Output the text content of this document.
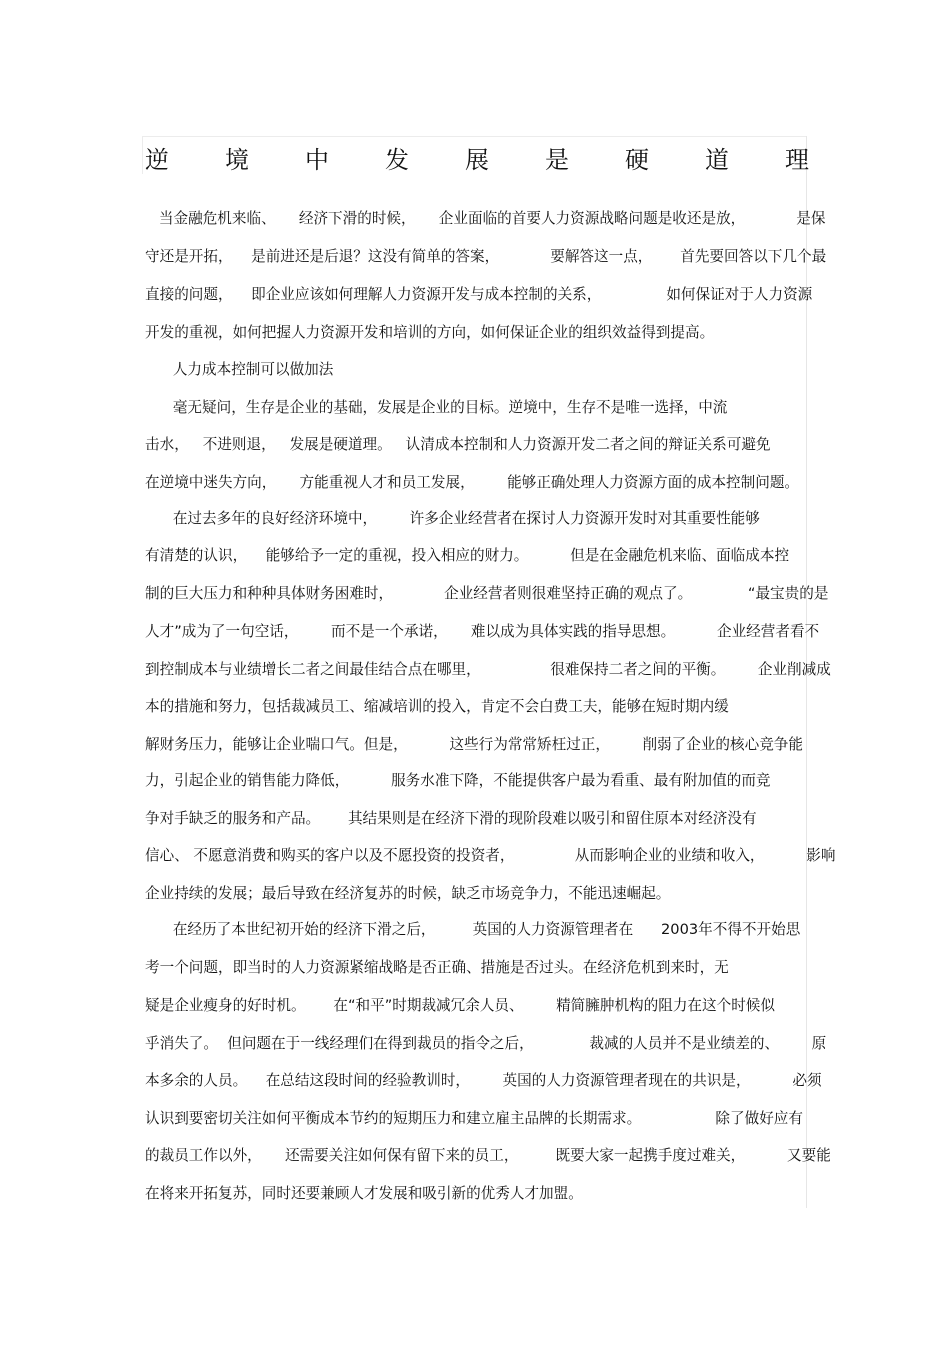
逆 境 中 发 展 是 硬 道 理

当金融危机来临、     经济下滑的时候，     企业面临的首要人力资源战略问题是收还是放，           是保

守还是开拓，    是前进还是后退？这没有简单的答案，           要解答这一点，      首先要回答以下几个最

直接的问题，    即企业应该如何理解人力资源开发与成本控制的关系，              如何保证对于人力资源

开发的重视，如何把握人力资源开发和培训的方向，如何保证企业的组织效益得到提高。

人力成本控制可以做加法

毫无疑问，生存是企业的基础，发展是企业的目标。逆境中，生存不是唯一选择，中流

击水，   不进则退，   发展是硬道理。   认清成本控制和人力资源开发二者之间的辩证关系可避免

在逆境中迷失方向，     方能重视人才和员工发展，       能够正确处理人力资源方面的成本控制问题。

在过去多年的良好经济环境中，       许多企业经营者在探讨人力资源开发时对其重要性能够

有清楚的认识，    能够给予一定的重视，投入相应的财力。         但是在金融危机来临、面临成本控

制的巨大压力和种种具体财务困难时，           企业经营者则很难坚持正确的观点了。            “最宝贵的是

人才”成为了一句空话，       而不是一个承诺，     难以成为具体实践的指导思想。         企业经营者看不

到控制成本与业绩增长二者之间最佳结合点在哪里，               很难保持二者之间的平衡。       企业削减成

本的措施和努力，包括裁减员工、缩减培训的投入，肯定不会白费工夫，能够在短时期内缓

解财务压力，能够让企业喘口气。但是，         这些行为常常矫枉过正，       削弱了企业的核心竞争能

力，引起企业的销售能力降低，         服务水准下降，不能提供客户最为看重、最有附加值的而竞

争对手缺乏的服务和产品。      其结果则是在经济下滑的现阶段难以吸引和留住原本对经济没有

信心、 不愿意消费和购买的客户以及不愿投资的投资者，             从而影响企业的业绩和收入，         影响

企业持续的发展；最后导致在经济复苏的时候，缺乏市场竞争力，不能迅速崛起。

在经历了本世纪初开始的经济下滑之后，        英国的人力资源管理者在      2003年不得不开始思

考一个问题，即当时的人力资源紧缩战略是否正确、措施是否过头。在经济危机到来时，无

疑是企业瘦身的好时机。      在“和平”时期裁减冗余人员、       精简臃肿机构的阻力在这个时候似

乎消失了。  但问题在于一线经理们在得到裁员的指令之后，            裁减的人员并不是业绩差的、       原

本多余的人员。    在总结这段时间的经验教训时，       英国的人力资源管理者现在的共识是，         必须

认识到要密切关注如何平衡成本节约的短期压力和建立雇主品牌的长期需求。                除了做好应有

的裁员工作以外，     还需要关注如何保有留下来的员工，        既要大家一起携手度过难关，         又要能

在将来开拓复苏，同时还要兼顾人才发展和吸引新的优秀人才加盟。
